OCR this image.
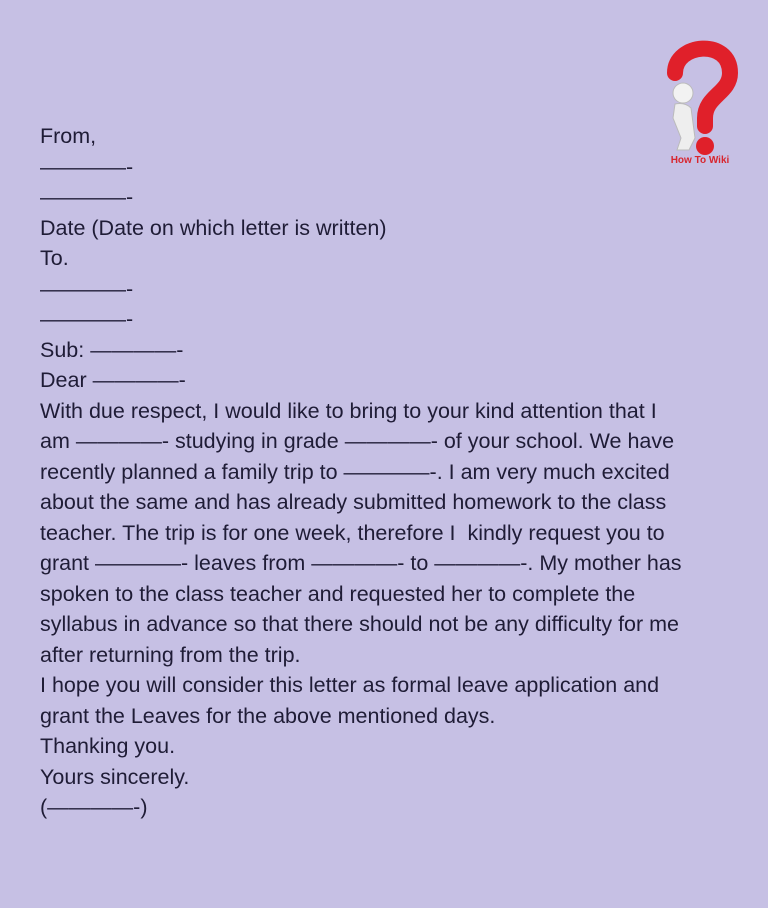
How To Wiki
From,
————-
————-
Date (Date on which letter is written)
To.
————-
————-
Sub: ————-
Dear ————-
With due respect, I would like to bring to your kind attention that I
am ————- studying in grade ————- of your school. We have
recently planned a family trip to ————-. I am very much excited
about the same and has already submitted homework to the class
teacher. The trip is for one week, therefore I  kindly request you to
grant ————- leaves from ————- to ————-. My mother has
spoken to the class teacher and requested her to complete the
syllabus in advance so that there should not be any difficulty for me
after returning from the trip.
I hope you will consider this letter as formal leave application and
grant the Leaves for the above mentioned days.
Thanking you.
Yours sincerely.
(————-)
